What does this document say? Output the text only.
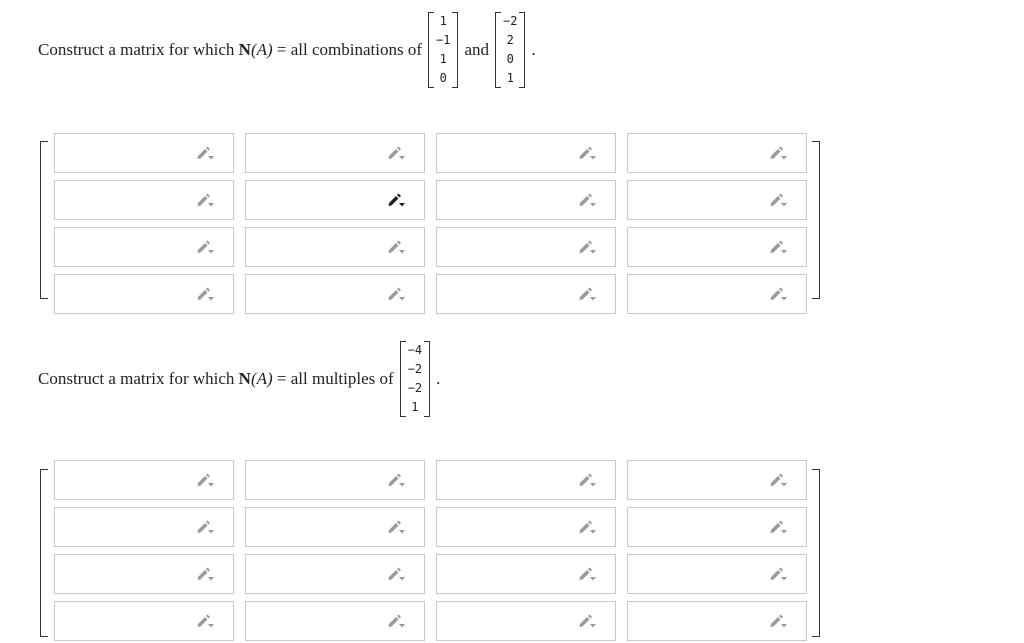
Construct a matrix for which
N (A)
= all combinations of
1
−1
1
0
and
−2
2
0
1
.
Construct a matrix for which
N (A)
= all multiples of
−4
−2
−2
1
.
